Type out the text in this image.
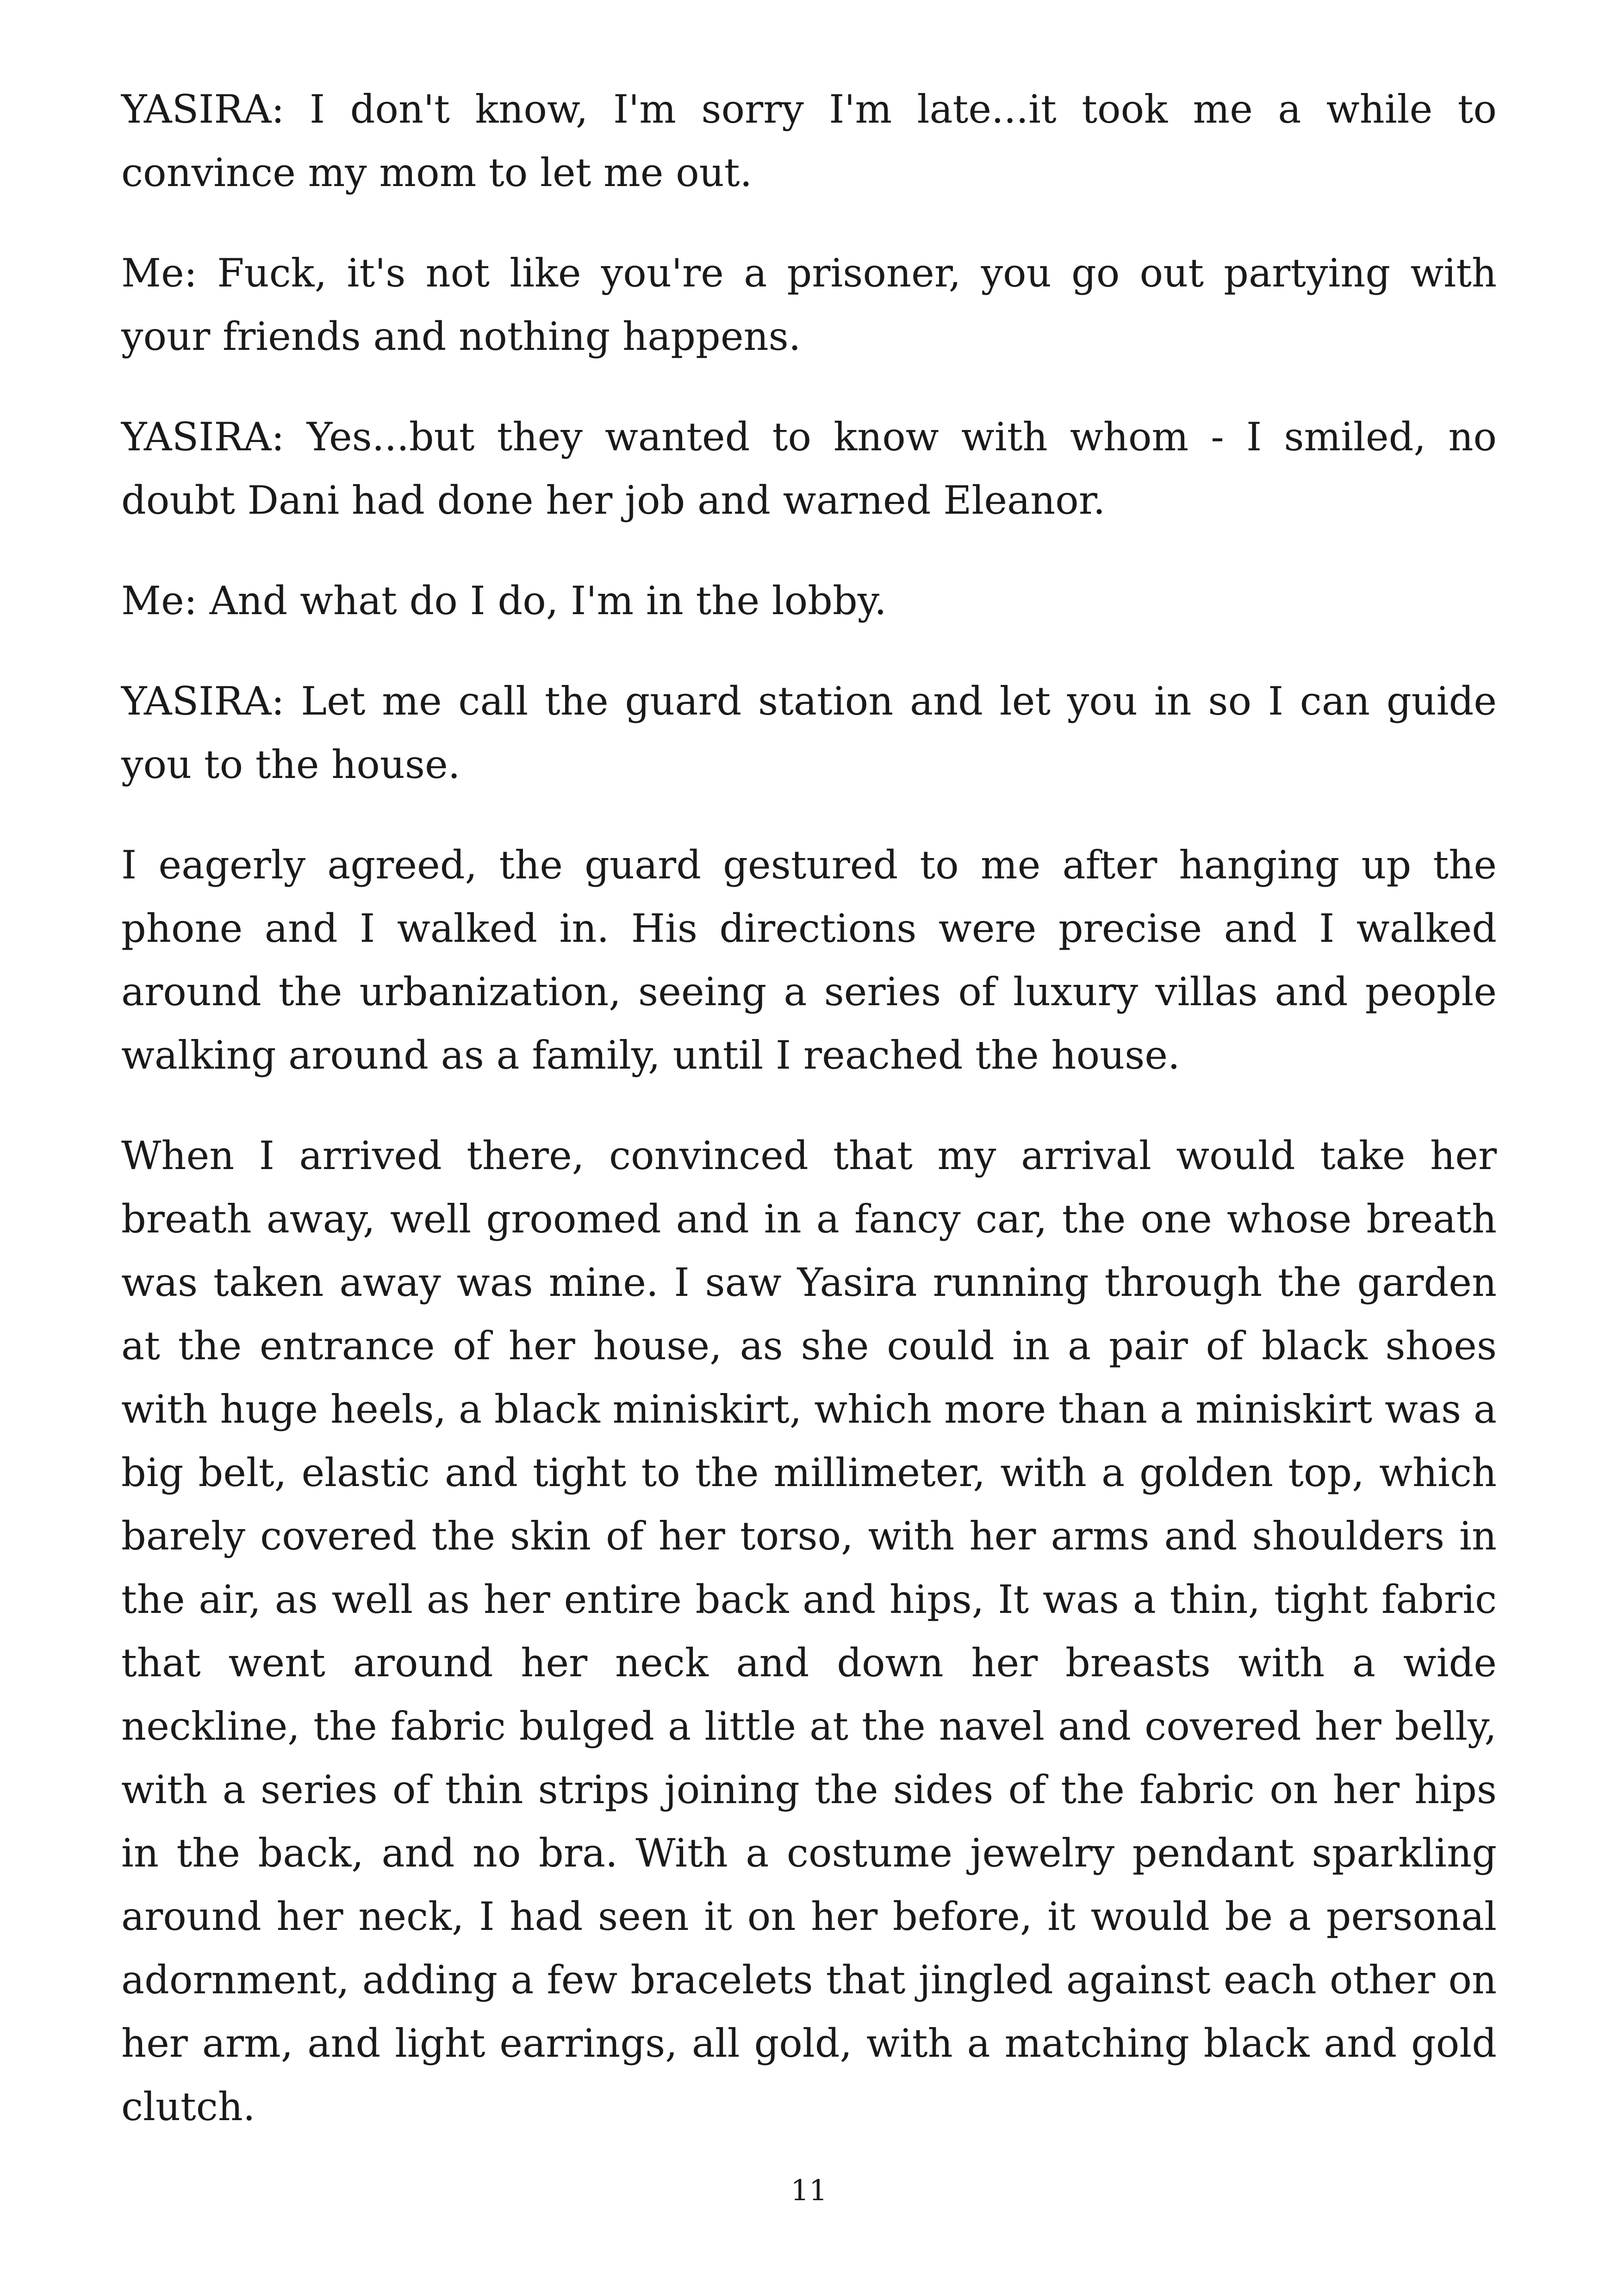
YASIRA: I don't know, I'm sorry I'm late...it took me a while to convince my mom to let me out.

Me: Fuck, it's not like you're a prisoner, you go out partying with your friends and nothing happens.

YASIRA: Yes...but they wanted to know with whom - I smiled, no doubt Dani had done her job and warned Eleanor.

Me: And what do I do, I'm in the lobby.

YASIRA: Let me call the guard station and let you in so I can guide you to the house.

I eagerly agreed, the guard gestured to me after hanging up the phone and I walked in. His directions were precise and I walked around the urbanization, seeing a series of luxury villas and people walking around as a family, until I reached the house.

When I arrived there, convinced that my arrival would take her breath away, well groomed and in a fancy car, the one whose breath was taken away was mine. I saw Yasira running through the garden at the entrance of her house, as she could in a pair of black shoes with huge heels, a black miniskirt, which more than a miniskirt was a big belt, elastic and tight to the millimeter, with a golden top, which barely covered the skin of her torso, with her arms and shoulders in the air, as well as her entire back and hips, It was a thin, tight fabric that went around her neck and down her breasts with a wide neckline, the fabric bulged a little at the navel and covered her belly, with a series of thin strips joining the sides of the fabric on her hips in the back, and no bra. With a costume jewelry pendant sparkling around her neck, I had seen it on her before, it would be a personal adornment, adding a few bracelets that jingled against each other on her arm, and light earrings, all gold, with a matching black and gold clutch.

11
